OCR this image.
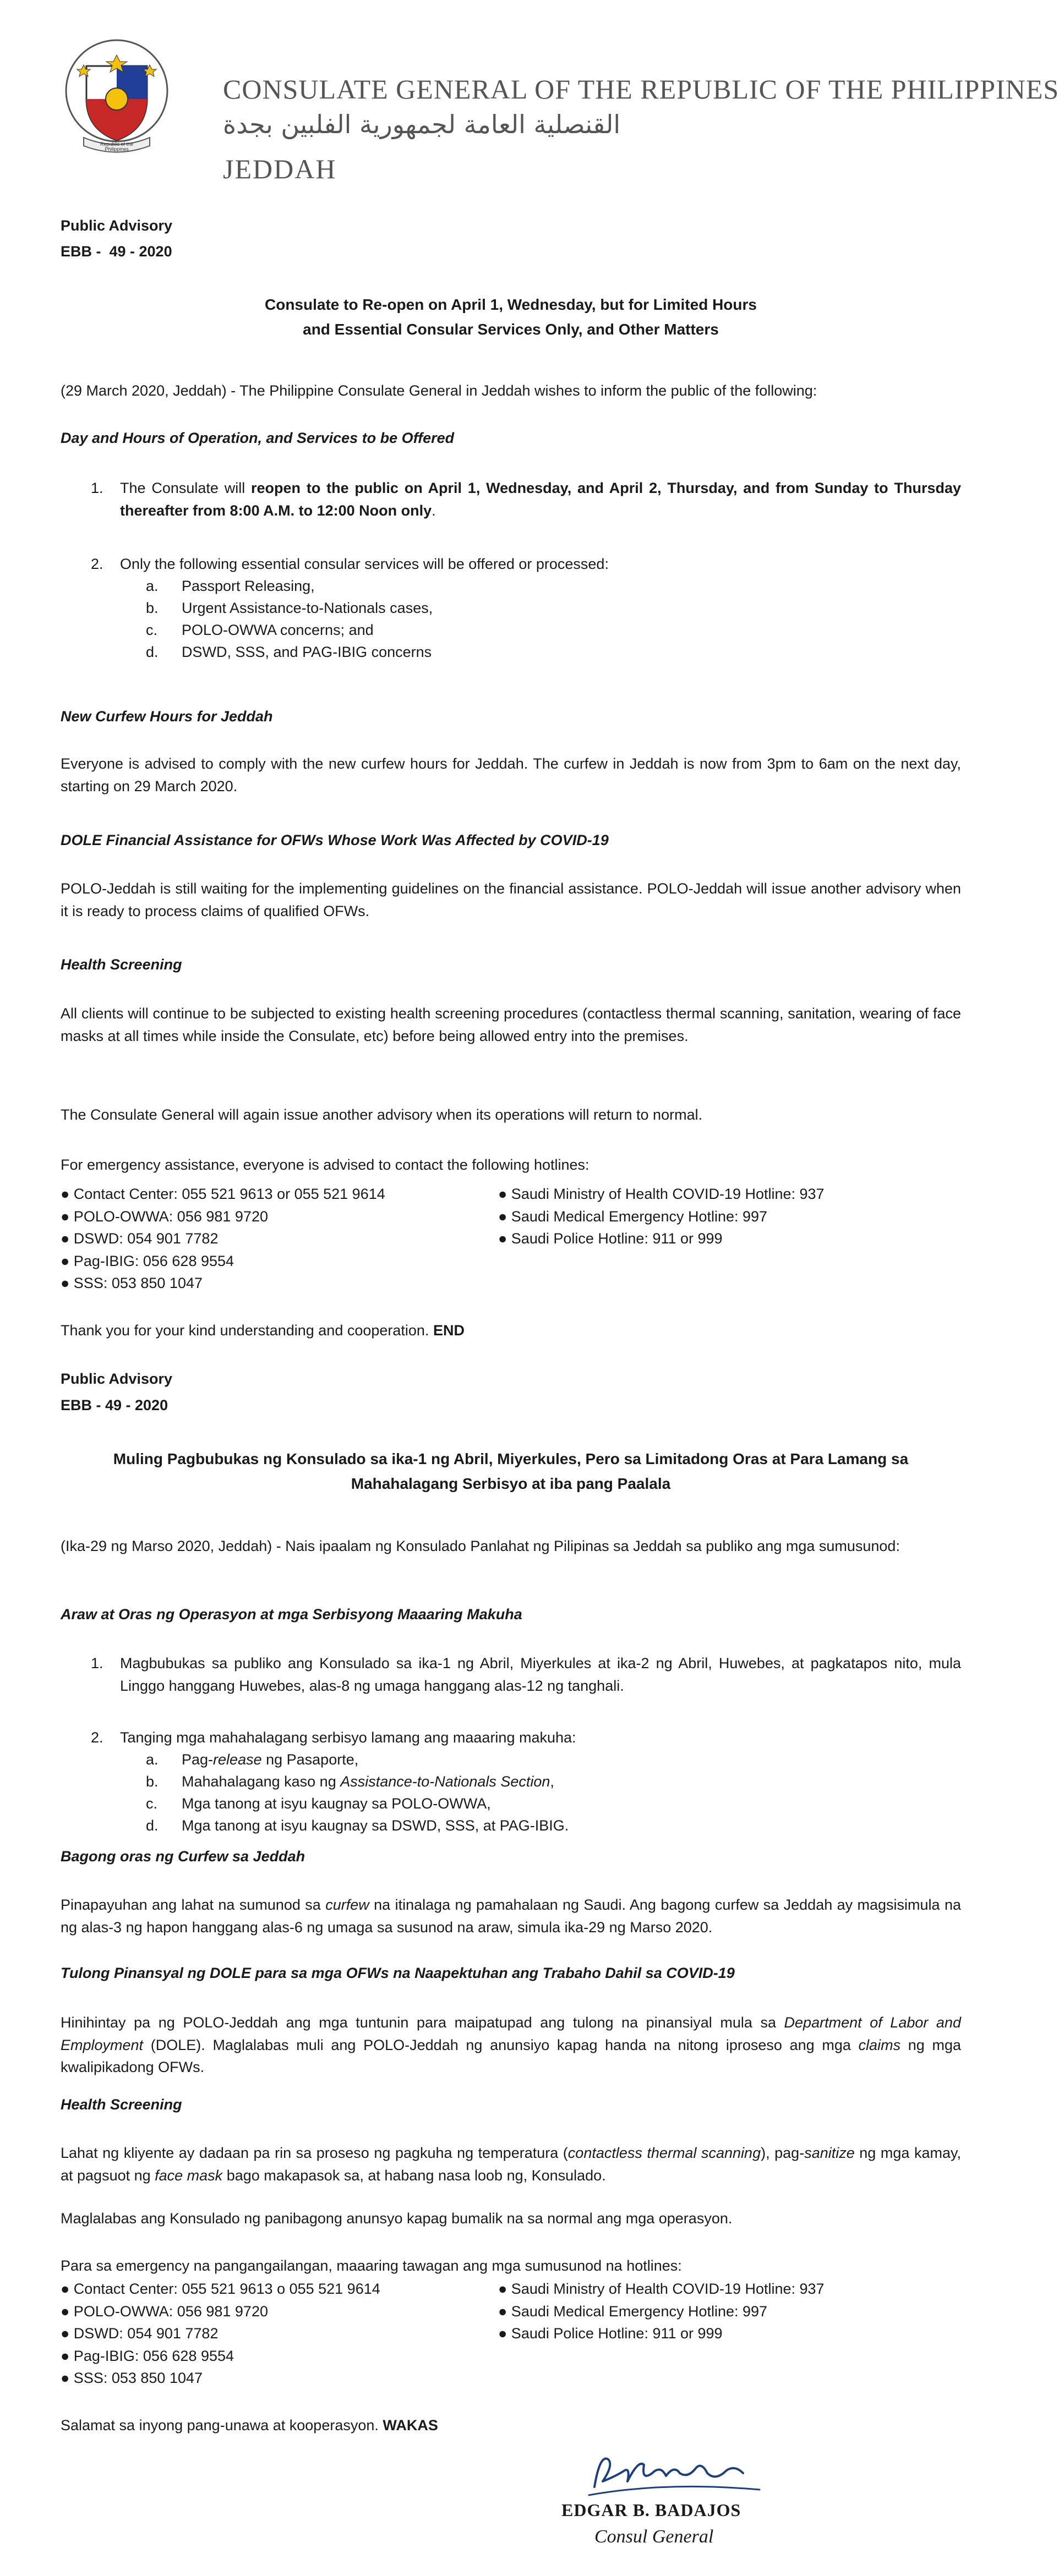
Republic of the Philippines
CONSULATE GENERAL OF THE REPUBLIC OF THE PHILIPPINES
القنصلية العامة لجمهورية الفلبين بجدة
JEDDAH
Public Advisory
EBB -  49 - 2020
Consulate to Re-open on April 1, Wednesday, but for Limited Hours
and Essential Consular Services Only, and Other Matters
(29 March 2020, Jeddah) - The Philippine Consulate General in Jeddah wishes to inform the public of the following:
Day and Hours of Operation, and Services to be Offered
1. The Consulate will reopen to the public on April 1, Wednesday, and April 2, Thursday, and from Sunday to Thursday thereafter from 8:00 A.M. to 12:00 Noon only.
2. Only the following essential consular services will be offered or processed:
a. Passport Releasing,
b. Urgent Assistance-to-Nationals cases,
c. POLO-OWWA concerns; and
d. DSWD, SSS, and PAG-IBIG concerns
New Curfew Hours for Jeddah
Everyone is advised to comply with the new curfew hours for Jeddah. The curfew in Jeddah is now from 3pm to 6am on the next day, starting on 29 March 2020.
DOLE Financial Assistance for OFWs Whose Work Was Affected by COVID-19
POLO-Jeddah is still waiting for the implementing guidelines on the financial assistance. POLO-Jeddah will issue another advisory when it is ready to process claims of qualified OFWs.
Health Screening
All clients will continue to be subjected to existing health screening procedures (contactless thermal scanning, sanitation, wearing of face masks at all times while inside the Consulate, etc) before being allowed entry into the premises.
The Consulate General will again issue another advisory when its operations will return to normal.
For emergency assistance, everyone is advised to contact the following hotlines:
● Contact Center: 055 521 9613 or 055 521 9614
● POLO-OWWA: 056 981 9720
● DSWD: 054 901 7782
● Pag-IBIG: 056 628 9554
● SSS: 053 850 1047
● Saudi Ministry of Health COVID-19 Hotline: 937
● Saudi Medical Emergency Hotline: 997
● Saudi Police Hotline: 911 or 999
Thank you for your kind understanding and cooperation. END
Public Advisory
EBB - 49 - 2020
Muling Pagbubukas ng Konsulado sa ika-1 ng Abril, Miyerkules, Pero sa Limitadong Oras at Para Lamang sa
Mahahalagang Serbisyo at iba pang Paalala
(Ika-29 ng Marso 2020, Jeddah) - Nais ipaalam ng Konsulado Panlahat ng Pilipinas sa Jeddah sa publiko ang mga sumusunod:
Araw at Oras ng Operasyon at mga Serbisyong Maaaring Makuha
1. Magbubukas sa publiko ang Konsulado sa ika-1 ng Abril, Miyerkules at ika-2 ng Abril, Huwebes, at pagkatapos nito, mula Linggo hanggang Huwebes, alas-8 ng umaga hanggang alas-12 ng tanghali.
2. Tanging mga mahahalagang serbisyo lamang ang maaaring makuha:
a. Pag-release ng Pasaporte,
b. Mahahalagang kaso ng Assistance-to-Nationals Section,
c. Mga tanong at isyu kaugnay sa POLO-OWWA,
d. Mga tanong at isyu kaugnay sa DSWD, SSS, at PAG-IBIG.
Bagong oras ng Curfew sa Jeddah
Pinapayuhan ang lahat na sumunod sa curfew na itinalaga ng pamahalaan ng Saudi. Ang bagong curfew sa Jeddah ay magsisimula na ng alas-3 ng hapon hanggang alas-6 ng umaga sa susunod na araw, simula ika-29 ng Marso 2020.
Tulong Pinansyal ng DOLE para sa mga OFWs na Naapektuhan ang Trabaho Dahil sa COVID-19
Hinihintay pa ng POLO-Jeddah ang mga tuntunin para maipatupad ang tulong na pinansiyal mula sa Department of Labor and Employment (DOLE). Maglalabas muli ang POLO-Jeddah ng anunsiyo kapag handa na nitong iproseso ang mga claims ng mga kwalipikadong OFWs.
Health Screening
Lahat ng kliyente ay dadaan pa rin sa proseso ng pagkuha ng temperatura (contactless thermal scanning), pag-sanitize ng mga kamay, at pagsuot ng face mask bago makapasok sa, at habang nasa loob ng, Konsulado.
Maglalabas ang Konsulado ng panibagong anunsyo kapag bumalik na sa normal ang mga operasyon.
Para sa emergency na pangangailangan, maaaring tawagan ang mga sumusunod na hotlines:
● Contact Center: 055 521 9613 o 055 521 9614
● POLO-OWWA: 056 981 9720
● DSWD: 054 901 7782
● Pag-IBIG: 056 628 9554
● SSS: 053 850 1047
● Saudi Ministry of Health COVID-19 Hotline: 937
● Saudi Medical Emergency Hotline: 997
● Saudi Police Hotline: 911 or 999
Salamat sa inyong pang-unawa at kooperasyon. WAKAS
EDGAR B. BADAJOS
Consul General
